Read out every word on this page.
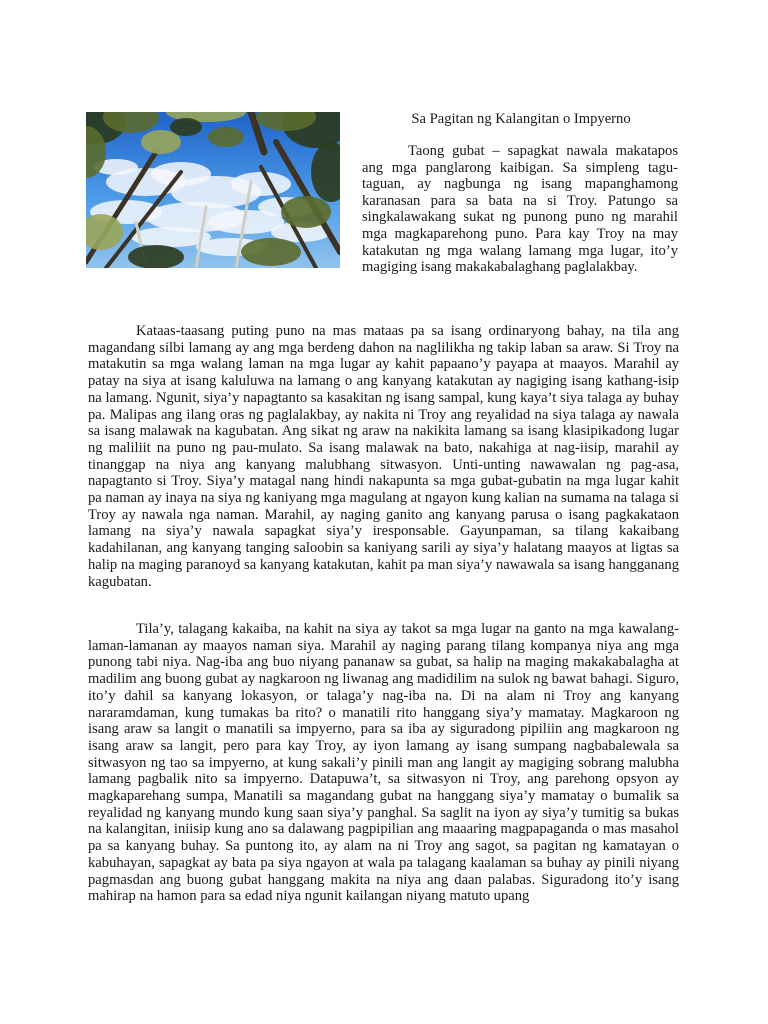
Sa Pagitan ng Kalangitan o Impyerno

Taong gubat – sapagkat nawala makatapos ang mga panglarong kaibigan. Sa simpleng tagu-taguan, ay nagbunga ng isang mapanghamong karanasan para sa bata na si Troy. Patungo sa singkalawakang sukat ng punong puno ng marahil mga magkaparehong puno. Para kay Troy na may katakutan ng mga walang lamang mga lugar, ito’y magiging isang makakabalaghang paglalakbay.

Kataas-taasang puting puno na mas mataas pa sa isang ordinaryong bahay, na tila ang magandang silbi lamang ay ang mga berdeng dahon na naglilikha ng takip laban sa araw. Si Troy na matakutin sa mga walang laman na mga lugar ay kahit papaano’y payapa at maayos. Marahil ay patay na siya at isang kaluluwa na lamang o ang kanyang katakutan ay nagiging isang kathang-isip na lamang. Ngunit, siya’y napagtanto sa kasakitan ng isang sampal, kung kaya’t siya talaga ay buhay pa. Malipas ang ilang oras ng paglalakbay, ay nakita ni Troy ang reyalidad na siya talaga ay nawala sa isang malawak na kagubatan. Ang sikat ng araw na nakikita lamang sa isang klasipikadong lugar ng maliliit na puno ng pau-mulato. Sa isang malawak na bato, nakahiga at nag-iisip, marahil ay tinanggap na niya ang kanyang malubhang sitwasyon. Unti-unting nawawalan ng pag-asa, napagtanto si Troy. Siya’y matagal nang hindi nakapunta sa mga gubat-gubatin na mga lugar kahit pa naman ay inaya na siya ng kaniyang mga magulang at ngayon kung kalian na sumama na talaga si Troy ay nawala nga naman. Marahil, ay naging ganito ang kanyang parusa o isang pagkakataon lamang na siya’y nawala sapagkat siya’y iresponsable. Gayunpaman, sa tilang kakaibang kadahilanan, ang kanyang tanging saloobin sa kaniyang sarili ay siya’y halatang maayos at ligtas sa halip na maging paranoyd sa kanyang katakutan, kahit pa man siya’y nawawala sa isang hangganang kagubatan.

Tila’y, talagang kakaiba, na kahit na siya ay takot sa mga lugar na ganto na mga kawalang-laman-lamanan ay maayos naman siya. Marahil ay naging parang tilang kompanya niya ang mga punong tabi niya. Nag-iba ang buo niyang pananaw sa gubat, sa halip na maging makakabalagha at madilim ang buong gubat ay nagkaroon ng liwanag ang madidilim na sulok ng bawat bahagi. Siguro, ito’y dahil sa kanyang lokasyon, or talaga’y nag-iba na. Di na alam ni Troy ang kanyang nararamdaman, kung tumakas ba rito? o manatili rito hanggang siya’y mamatay. Magkaroon ng isang araw sa langit o manatili sa impyerno, para sa iba ay siguradong pipiliin ang magkaroon ng isang araw sa langit, pero para kay Troy, ay iyon lamang ay isang sumpang nagbabalewala sa sitwasyon ng tao sa impyerno, at kung sakali’y pinili man ang langit ay magiging sobrang malubha lamang pagbalik nito sa impyerno. Datapuwa’t, sa sitwasyon ni Troy, ang parehong opsyon ay magkaparehang sumpa, Manatili sa magandang gubat na hanggang siya’y mamatay o bumalik sa reyalidad ng kanyang mundo kung saan siya’y panghal. Sa saglit na iyon ay siya’y tumitig sa bukas na kalangitan, iniisip kung ano sa dalawang pagpipilian ang maaaring magpapaganda o mas masahol pa sa kanyang buhay. Sa puntong ito, ay alam na ni Troy ang sagot, sa pagitan ng kamatayan o kabuhayan, sapagkat ay bata pa siya ngayon at wala pa talagang kaalaman sa buhay ay pinili niyang pagmasdan ang buong gubat hanggang makita na niya ang daan palabas. Siguradong ito’y isang mahirap na hamon para sa edad niya ngunit kailangan niyang matuto upang
